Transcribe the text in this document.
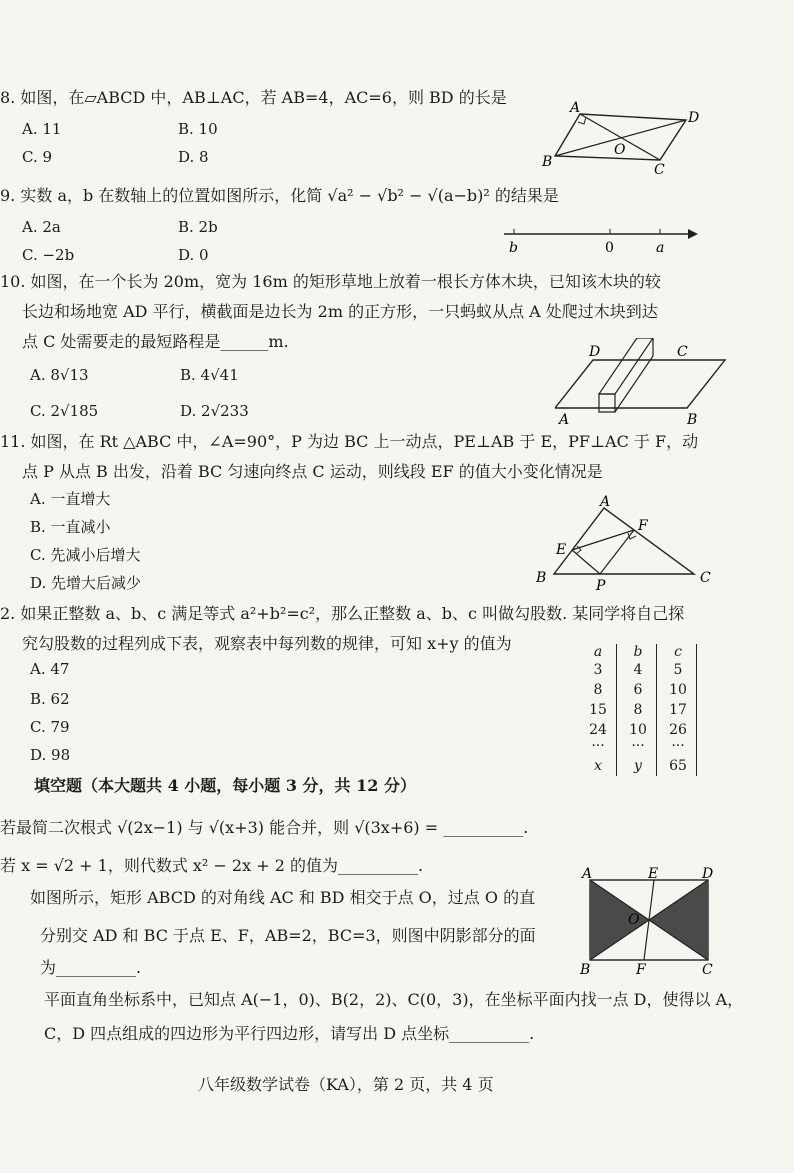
8. 如图，在▱ABCD 中，AB⊥AC，若 AB=4，AC=6，则 BD 的长是
A. 11	B. 10
C. 9	D. 8
A
D
B
O
C
9. 实数 a，b 在数轴上的位置如图所示，化简 √a² − √b² − √(a−b)² 的结果是
A. 2a	B. 2b
C. −2b	D. 0	b	0	a
10. 如图，在一个长为 20m，宽为 16m 的矩形草地上放着一根长方体木块，已知该木块的较
长边和场地宽 AD 平行，横截面是边长为 2m 的正方形，一只蚂蚁从点 A 处爬过木块到达
点 C 处需要走的最短路程是______m.
A. 8√13	B. 4√41
C. 2√185	D. 2√233
D	C
A	B
11. 如图，在 Rt △ABC 中，∠A=90°，P 为边 BC 上一动点，PE⊥AB 于 E，PF⊥AC 于 F，动
点 P 从点 B 出发，沿着 BC 匀速向终点 C 运动，则线段 EF 的值大小变化情况是
A. 一直增大
B. 一直减小
C. 先减小后增大
D. 先增大后减少
A
F
E
B	P	C
2. 如果正整数 a、b、c 满足等式 a²+b²=c²，那么正整数 a、b、c 叫做勾股数. 某同学将自己探
究勾股数的过程列成下表，观察表中每列数的规律，可知 x+y 的值为
A. 47
B. 62
C. 79
D. 98
a	b	c
3	4	5
8	6	10
15	8	17
24	10	26
···	···	···
x	y	65
填空题（本大题共 4 小题，每小题 3 分，共 12 分）
若最简二次根式 √(2x−1) 与 √(x+3) 能合并，则 √(3x+6) = __________.
若 x = √2 + 1，则代数式 x² − 2x + 2 的值为__________.
如图所示，矩形 ABCD 的对角线 AC 和 BD 相交于点 O，过点 O 的直
分别交 AD 和 BC 于点 E、F，AB=2，BC=3，则图中阴影部分的面
为__________.
A	E	D
O
B	F	C
平面直角坐标系中，已知点 A(−1，0)、B(2，2)、C(0，3)，在坐标平面内找一点 D，使得以 A，
C，D 四点组成的四边形为平行四边形，请写出 D 点坐标__________.
八年级数学试卷（KA），第 2 页，共 4 页
